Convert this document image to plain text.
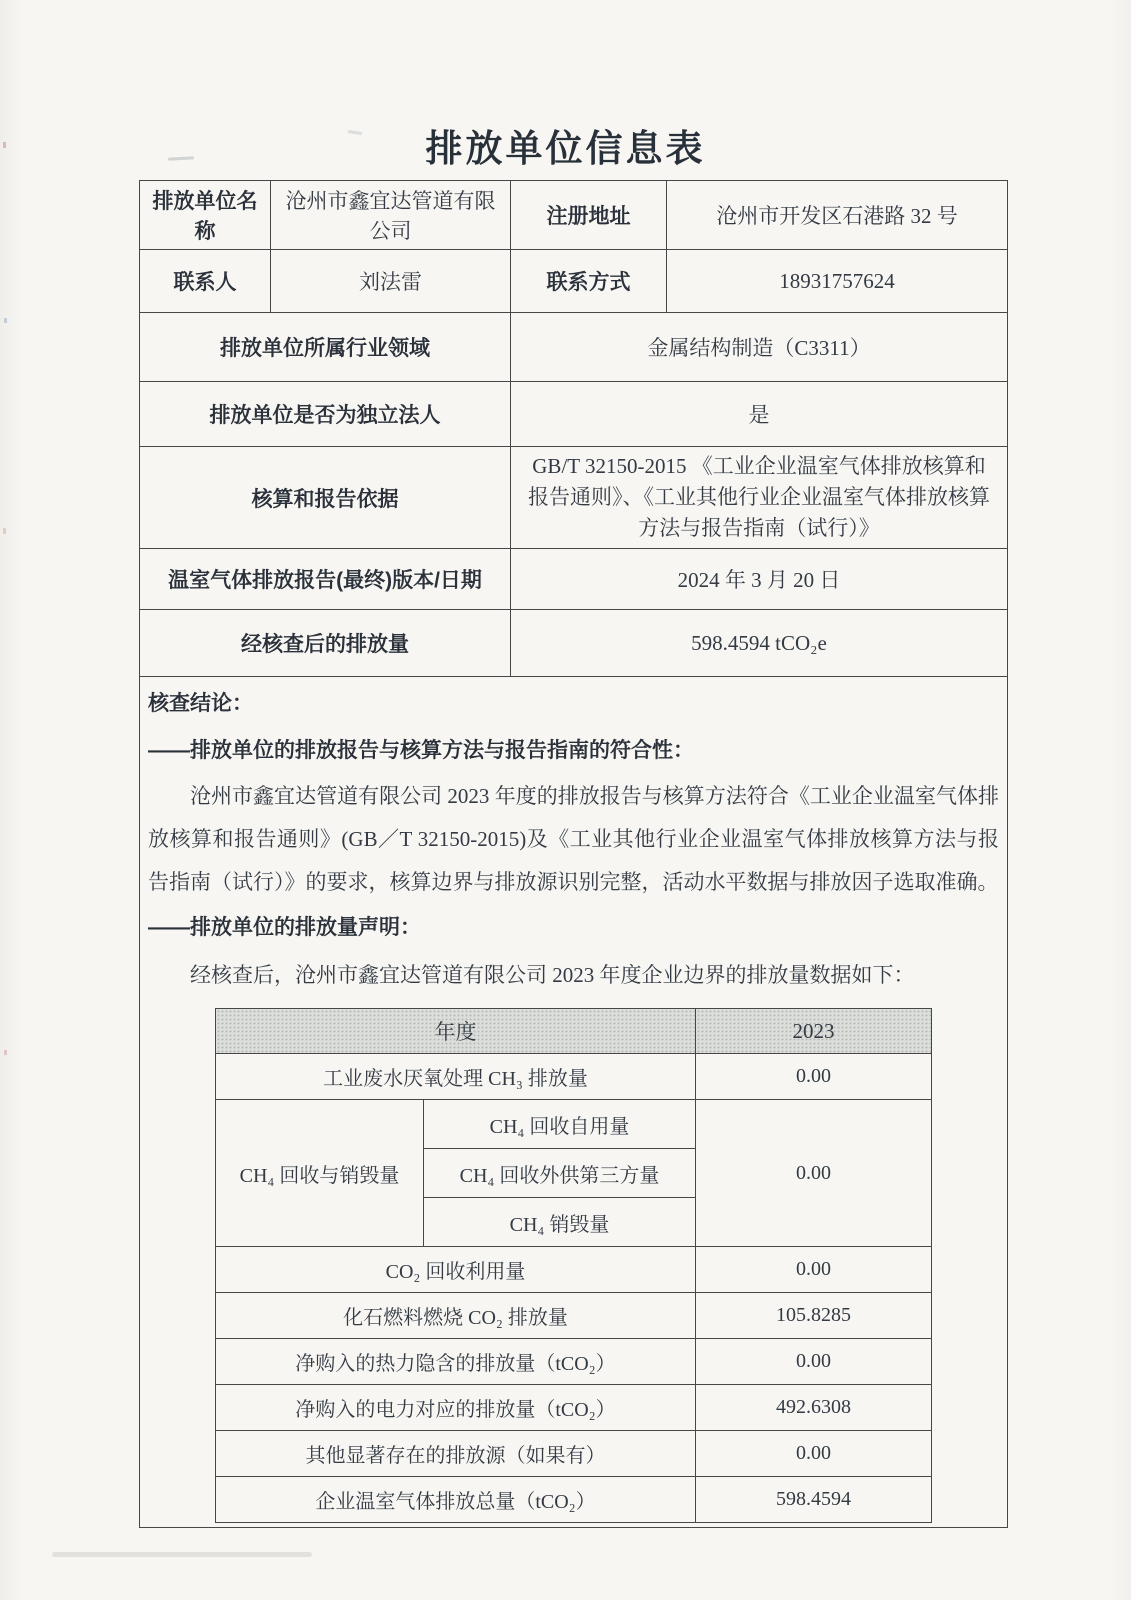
排放单位信息表
排放单位名称	沧州市鑫宜达管道有限公司	注册地址	沧州市开发区石港路 32 号
联系人	刘法雷	联系方式	18931757624
排放单位所属行业领域	金属结构制造（C3311）
排放单位是否为独立法人	是
核算和报告依据	GB/T 32150-2015 《工业企业温室气体排放核算和报告通则》、《工业其他行业企业温室气体排放核算方法与报告指南（试行）》
温室气体排放报告(最终)版本/日期	2024 年 3 月 20 日
经核查后的排放量	598.4594 tCO₂e

核查结论：
——排放单位的排放报告与核算方法与报告指南的符合性：

沧州市鑫宜达管道有限公司 2023 年度的排放报告与核算方法符合《工业企业温室气体排放核算和报告通则》(GB／T 32150-2015)及《工业其他行业企业温室气体排放核算方法与报告指南（试行）》的要求，核算边界与排放源识别完整，活动水平数据与排放因子选取准确。

——排放单位的排放量声明：

经核查后，沧州市鑫宜达管道有限公司 2023 年度企业边界的排放量数据如下：

年度	2023
工业废水厌氧处理 CH₃ 排放量	0.00
CH₄ 回收与销毁量	CH₄ 回收自用量	0.00
CH₄ 回收外供第三方量
CH₄ 销毁量
CO₂ 回收利用量	0.00
化石燃料燃烧 CO₂ 排放量	105.8285
净购入的热力隐含的排放量（tCO₂）	0.00
净购入的电力对应的排放量（tCO₂）	492.6308
其他显著存在的排放源（如果有）	0.00
企业温室气体排放总量（tCO₂）	598.4594
